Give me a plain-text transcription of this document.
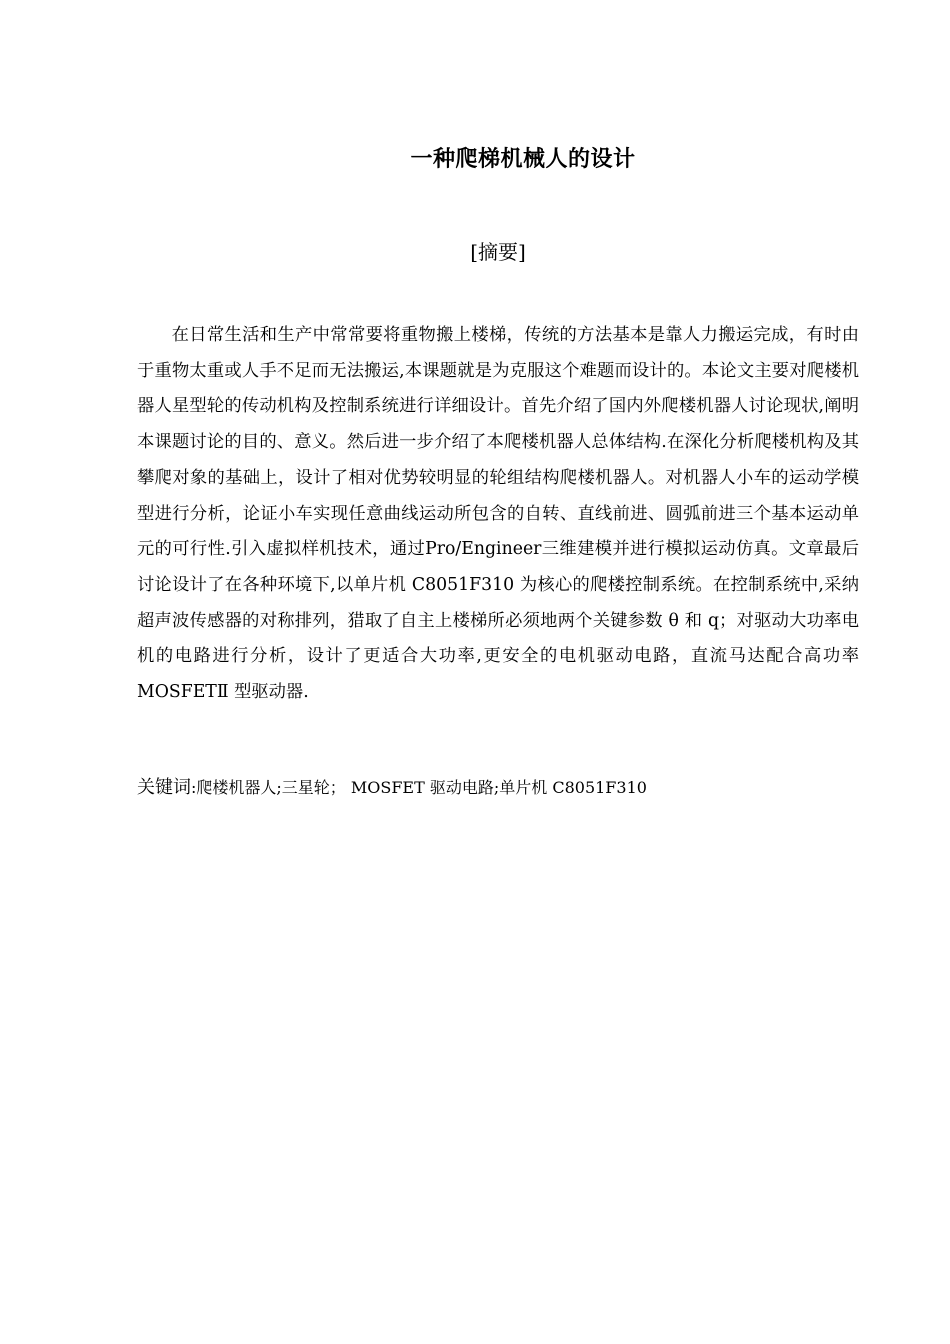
一种爬梯机械人的设计
[摘要]

在日常生活和生产中常常要将重物搬上楼梯，传统的方法基本是靠人力搬运完成，有时由于重物太重或人手不足而无法搬运,本课题就是为克服这个难题而设计的。本论文主要对爬楼机器人星型轮的传动机构及控制系统进行详细设计。首先介绍了国内外爬楼机器人讨论现状,阐明本课题讨论的目的、意义。然后进一步介绍了本爬楼机器人总体结构.在深化分析爬楼机构及其攀爬对象的基础上，设计了相对优势较明显的轮组结构爬楼机器人。对机器人小车的运动学模型进行分析，论证小车实现任意曲线运动所包含的自转、直线前进、圆弧前进三个基本运动单元的可行性.引入虚拟样机技术，通过Pro/Engineer三维建模并进行模拟运动仿真。文章最后讨论设计了在各种环境下,以单片机 C8051F310 为核心的爬楼控制系统。在控制系统中,采纳超声波传感器的对称排列，猎取了自主上楼梯所必须地两个关键参数 θ 和 q；对驱动大功率电机的电路进行分析，设计了更适合大功率,更安全的电机驱动电路，直流马达配合高功率 MOSFETⅡ 型驱动器.

关键词:爬楼机器人;三星轮； MOSFET 驱动电路;单片机 C8051F310
